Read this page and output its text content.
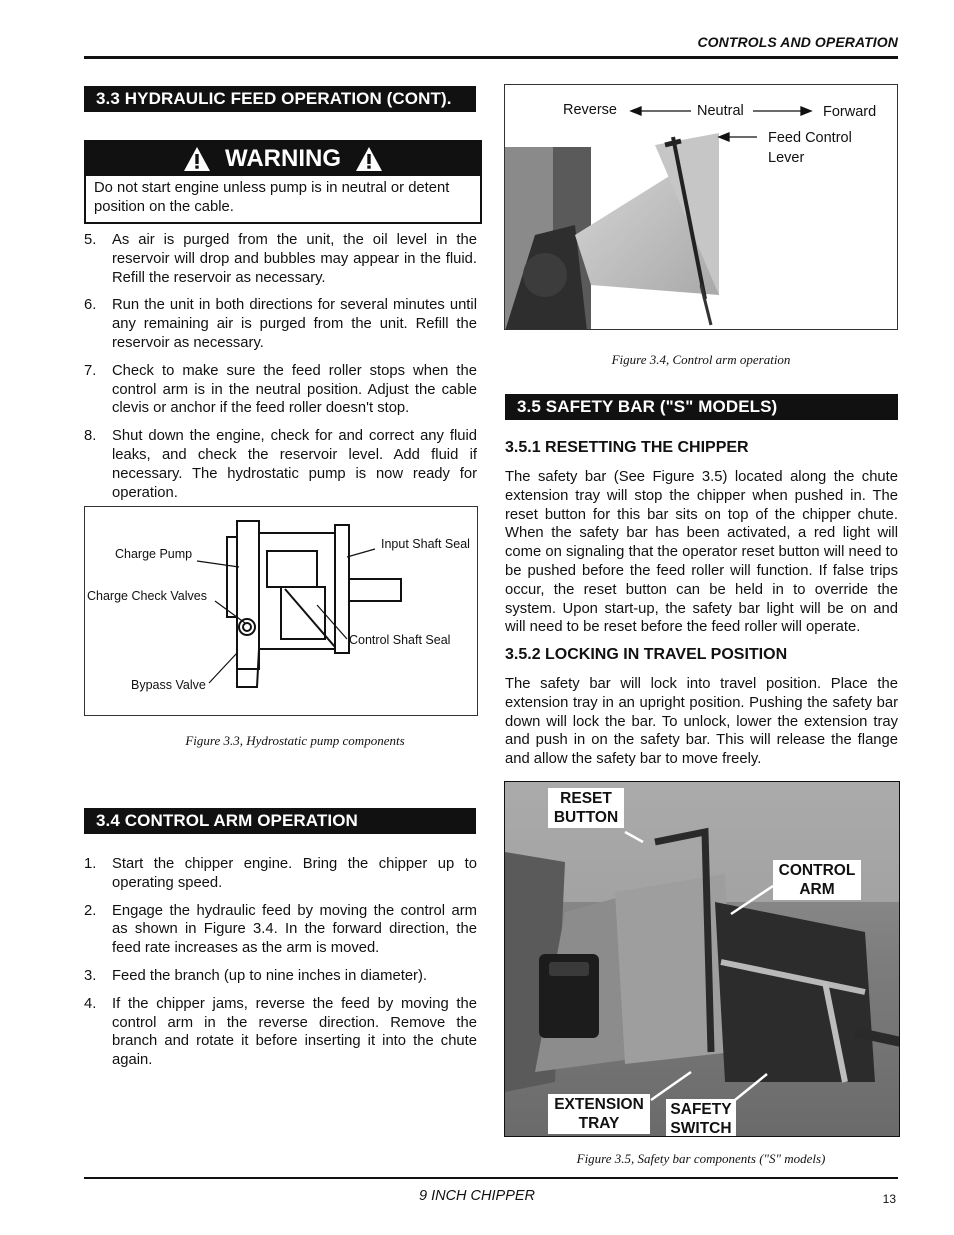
CONTROLS AND OPERATION
3.3 HYDRAULIC FEED OPERATION (CONT).
WARNING
Do not start engine unless pump is in neutral or detent position on the cable.
5.	As air is purged from the unit, the oil level in the reservoir will drop and bubbles may appear in the fluid. Refill the reservoir as necessary.
6.	Run the unit in both directions for several minutes until any remaining air is purged from the unit. Refill the reservoir as necessary.
7.	Check to make sure the feed roller stops when the control arm is in the neutral position. Adjust the cable clevis or anchor if the feed roller doesn't stop.
8.	Shut down the engine, check for and correct any fluid leaks, and check the reservoir level. Add fluid if necessary. The hydrostatic pump is now ready for operation.
Charge Pump
Charge Check Valves
Bypass Valve
Input Shaft Seal
Control Shaft Seal
Figure 3.3, Hydrostatic pump components
3.4 CONTROL ARM OPERATION
1.	Start the chipper engine. Bring the chipper up to operating speed.
2.	Engage the hydraulic feed by moving the control arm as shown in Figure 3.4. In the forward direction, the feed rate increases as the arm is moved.
3.	Feed the branch (up to nine inches in diameter).
4.	If the chipper jams, reverse the feed by moving the control arm in the reverse direction. Remove the branch and rotate it before inserting it into the chute again.
Reverse	Neutral	Forward
Feed Control
Lever
Figure 3.4, Control arm operation
3.5 SAFETY BAR ("S" MODELS)
3.5.1 RESETTING THE CHIPPER
The safety bar (See Figure 3.5) located along the chute extension tray will stop the chipper when pushed in. The reset button for this bar sits on top of the chipper chute. When the safety bar has been activated, a red light will come on signaling that the operator reset button will need to be pushed before the feed roller will function. If false trips occur, the reset button can be held in to override the system. Upon start-up, the safety bar light will be on and will need to be reset before the feed roller will operate.
3.5.2 LOCKING IN TRAVEL POSITION
The safety bar will lock into travel position. Place the extension tray in an upright position. Pushing the safety bar down will lock the bar. To unlock, lower the extension tray and push in on the safety bar. This will release the flange and allow the safety bar to move freely.
RESET
BUTTON
CONTROL
ARM
EXTENSION
TRAY
SAFETY
SWITCH
Figure 3.5, Safety bar components ("S" models)
9 INCH CHIPPER	13
